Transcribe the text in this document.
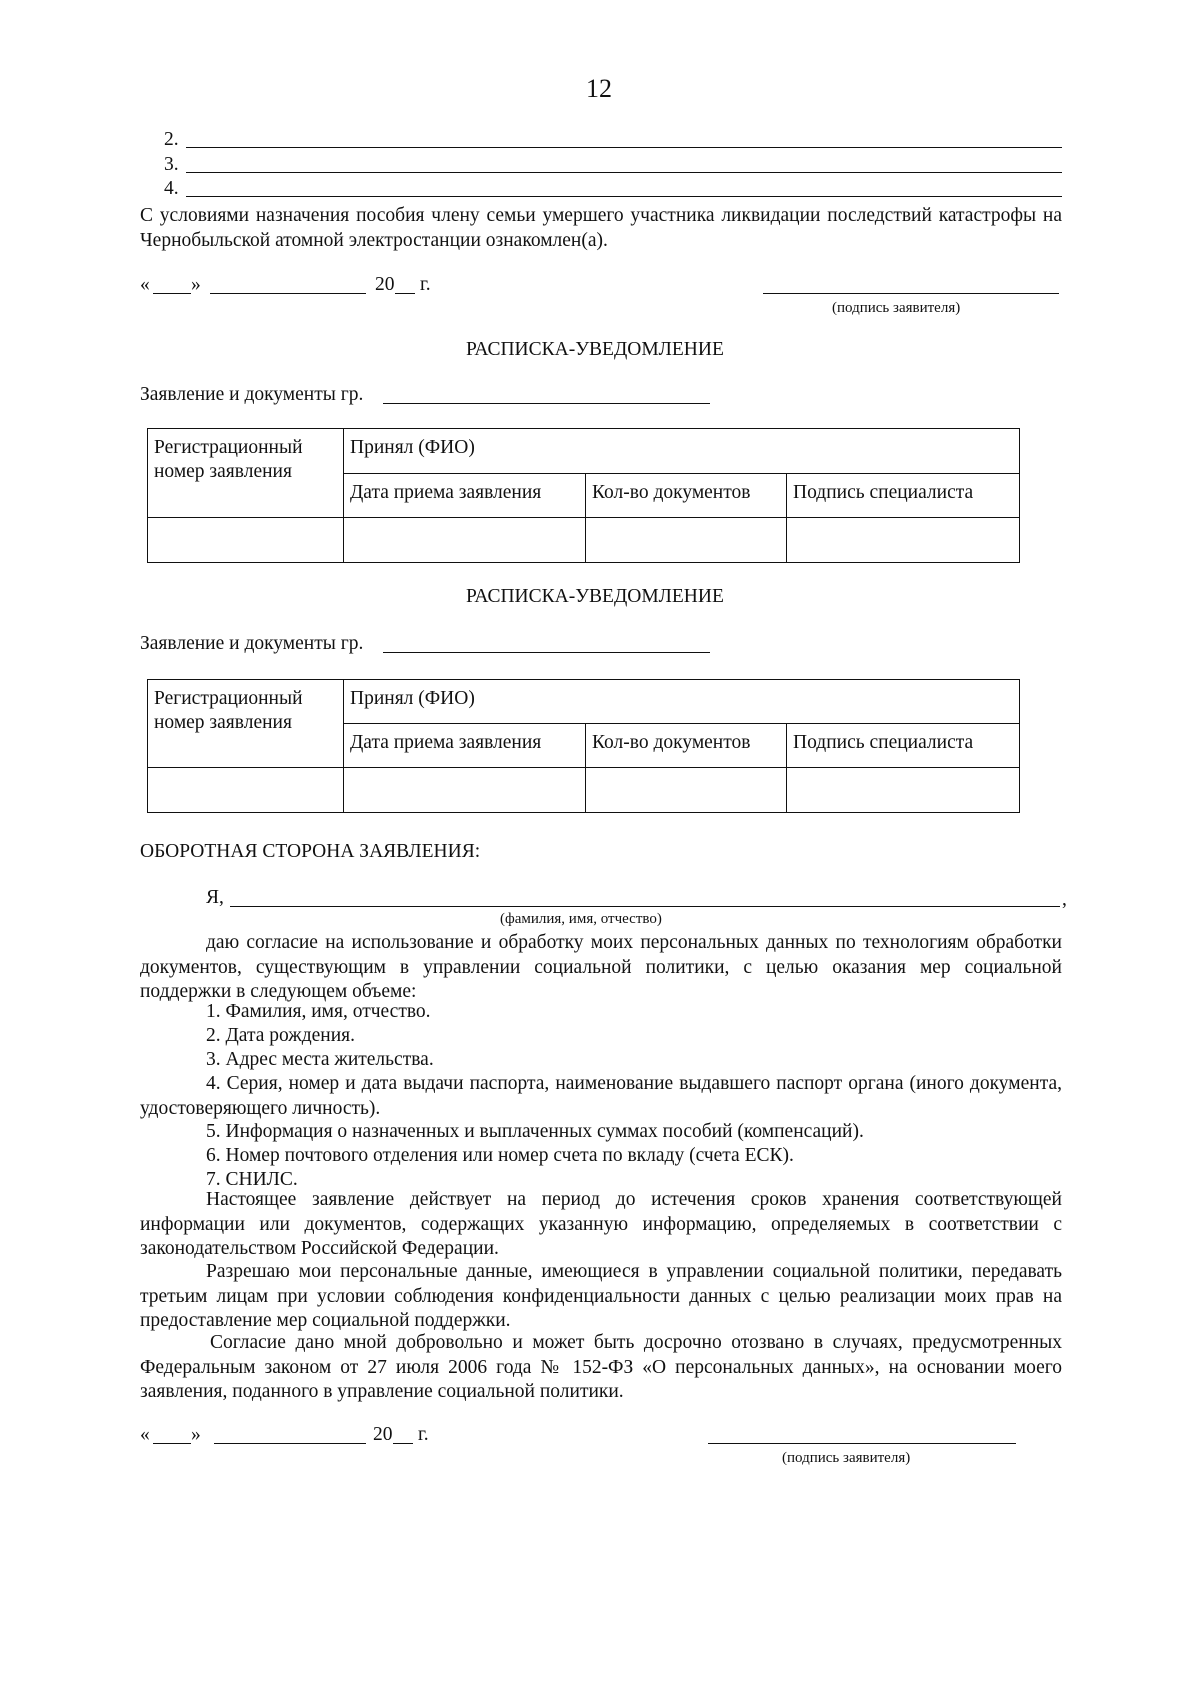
12
2.
3.
4.
С условиями назначения пособия члену семьи умершего участника ликвидации последствий катастрофы на Чернобыльской атомной электростанции ознакомлен(а).
« »	20 г.
(подпись заявителя)
РАСПИСКА-УВЕДОМЛЕНИЕ
Заявление и документы гр.
Регистрационный номер заявления	Принял (ФИО)		
	Дата приема заявления	Кол-во документов	Подпись специалиста

РАСПИСКА-УВЕДОМЛЕНИЕ
Заявление и документы гр.
Регистрационный номер заявления	Принял (ФИО)		
	Дата приема заявления	Кол-во документов	Подпись специалиста

ОБОРОТНАЯ СТОРОНА ЗАЯВЛЕНИЯ:
Я,	,
(фамилия, имя, отчество)
даю согласие на использование и обработку моих персональных данных по технологиям обработки документов, существующим в управлении социальной политики, с целью оказания мер социальной поддержки в следующем объеме:
1. Фамилия, имя, отчество.
2. Дата рождения.
3. Адрес места жительства.
4. Серия, номер и дата выдачи паспорта, наименование выдавшего паспорт органа (иного документа, удостоверяющего личность).
5. Информация о назначенных и выплаченных суммах пособий (компенсаций).
6. Номер почтового отделения или номер счета по вкладу (счета ЕСК).
7. СНИЛС.
Настоящее заявление действует на период до истечения сроков хранения соответствующей информации или документов, содержащих указанную информацию, определяемых в соответствии с законодательством Российской Федерации.
Разрешаю мои персональные данные, имеющиеся в управлении социальной политики, передавать третьим лицам при условии соблюдения конфиденциальности данных с целью реализации моих прав на предоставление мер социальной поддержки.
Согласие дано мной добровольно и может быть досрочно отозвано в случаях, предусмотренных Федеральным законом от 27 июля 2006 года № 152-ФЗ «О персональных данных», на основании моего заявления, поданного в управление социальной политики.
« »	20 г.
(подпись заявителя)
